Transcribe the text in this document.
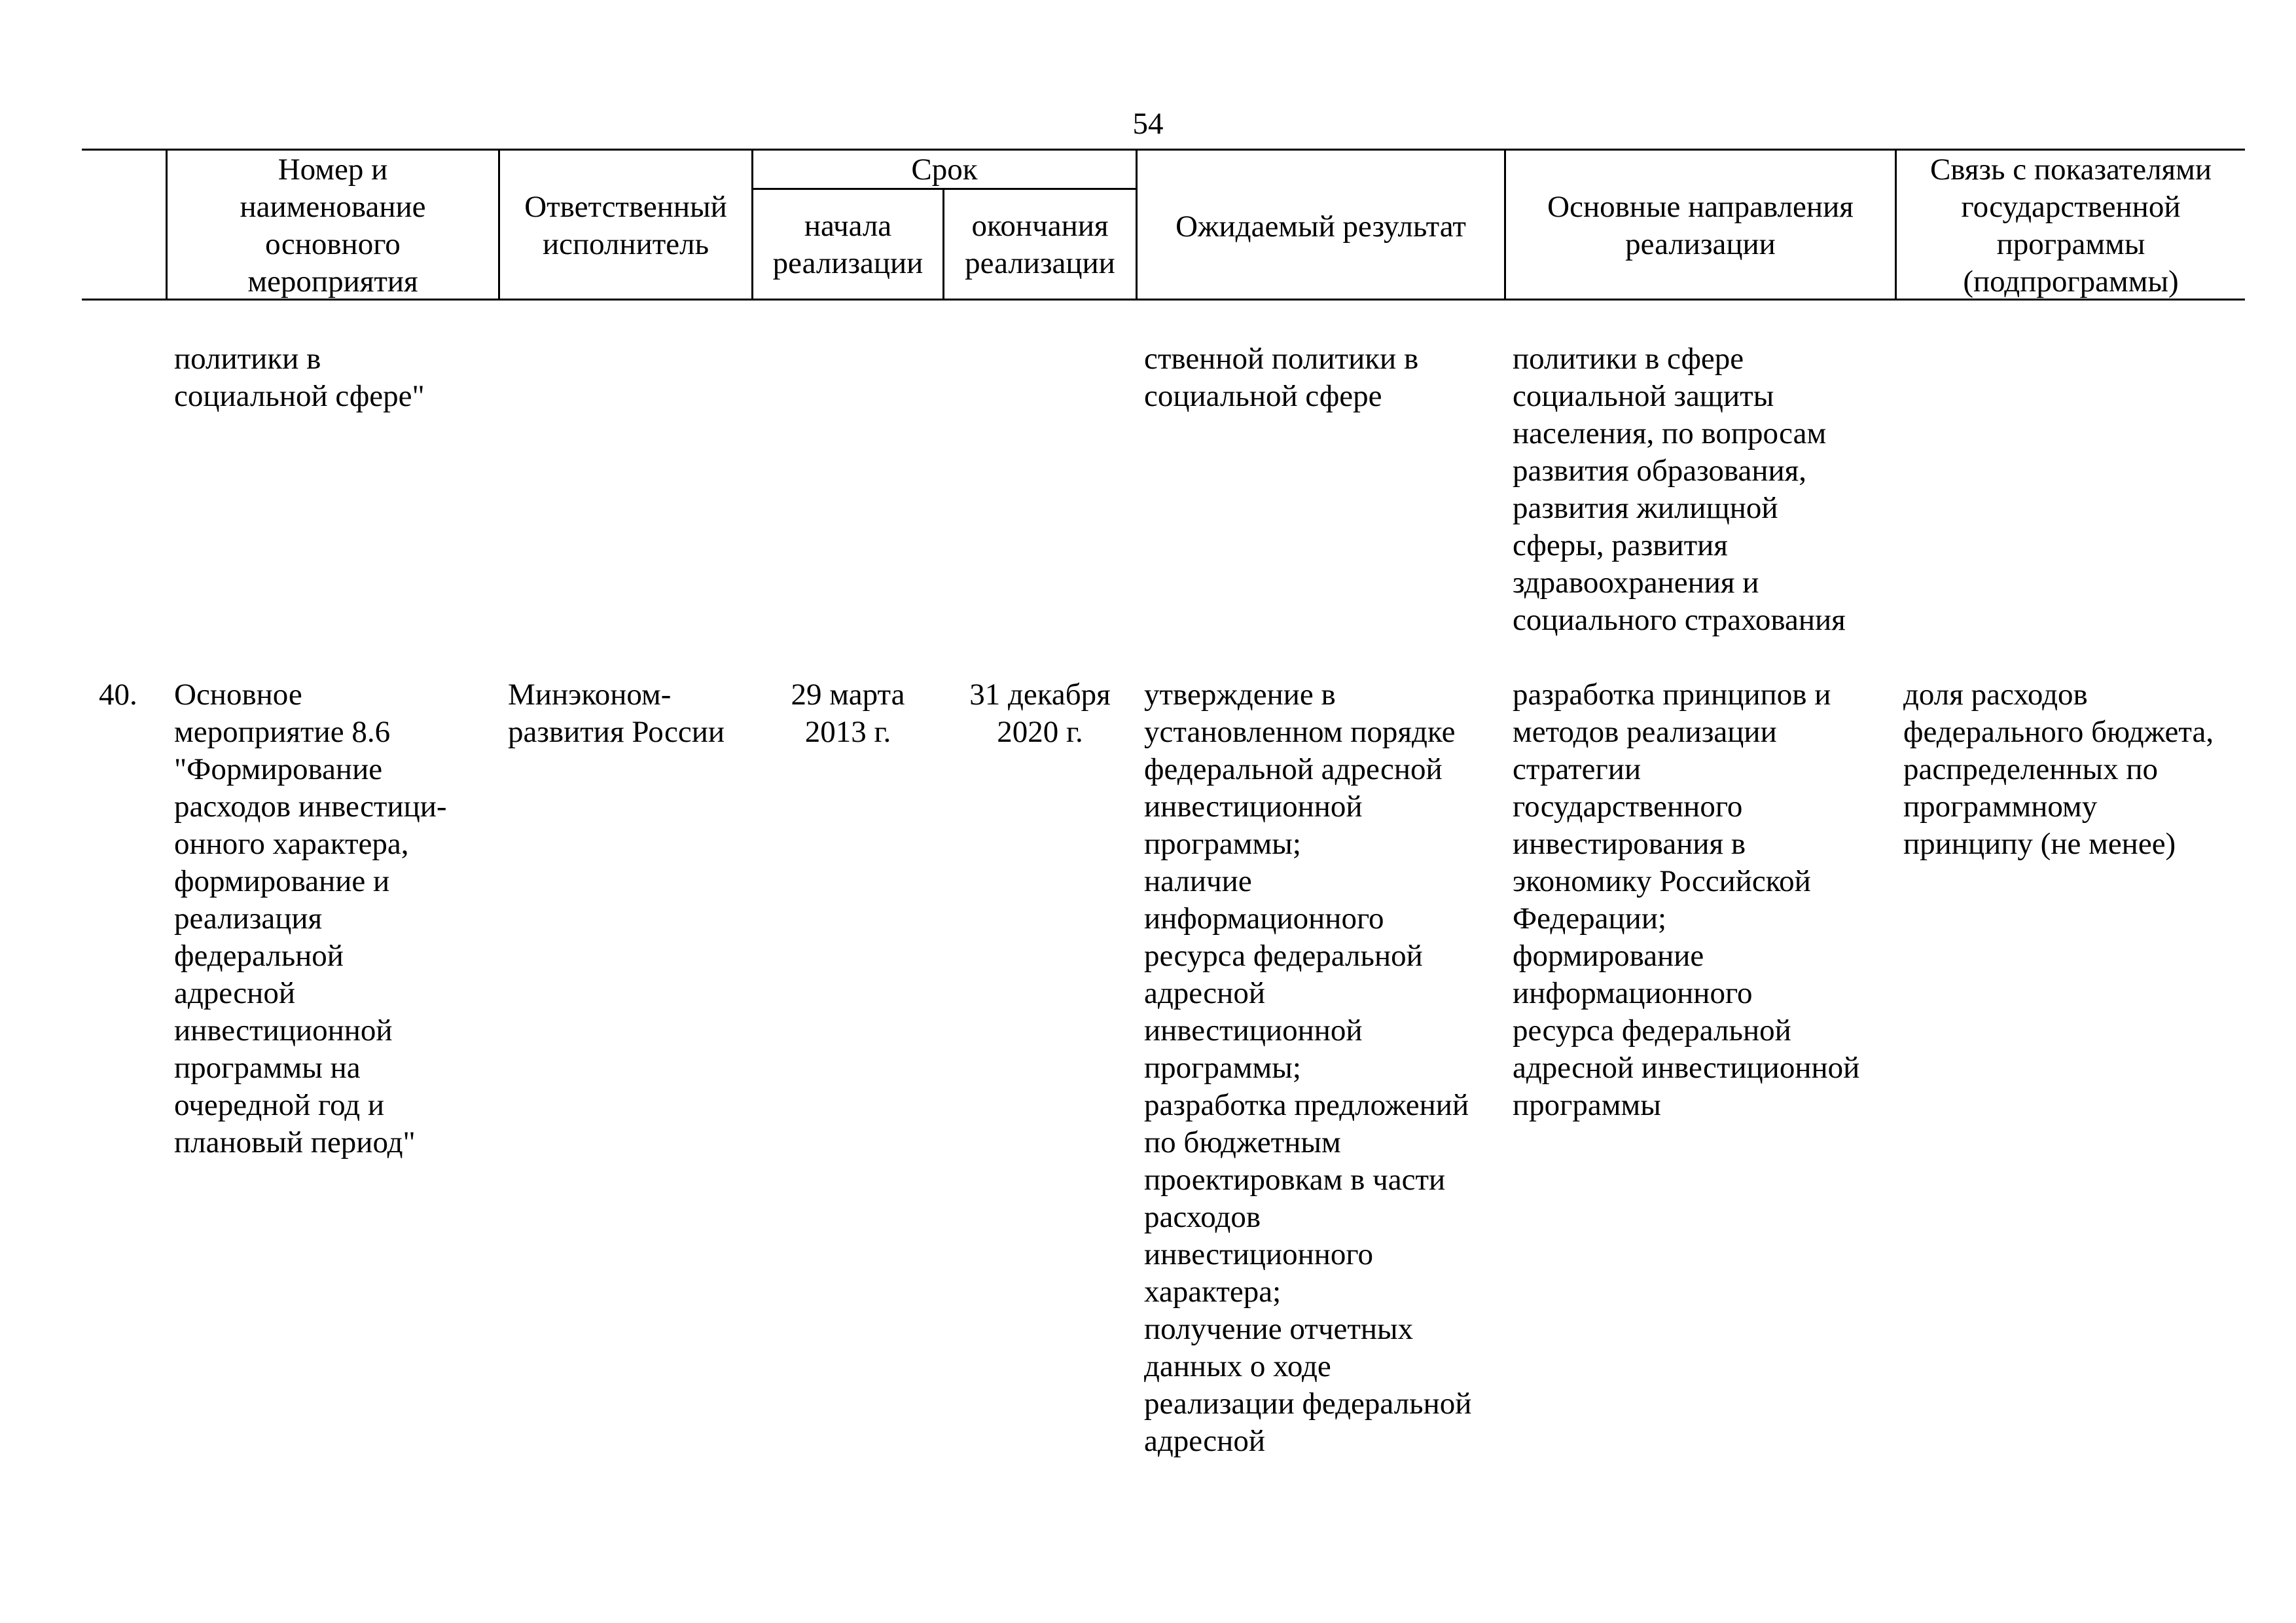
54
Номер и
наименование
основного
мероприятия
Ответственный
исполнитель
Срок
начала
реализации
окончания
реализации
Ожидаемый результат
Основные направления
реализации
Связь с показателями
государственной
программы
(подпрограммы)
политики в
социальной сфере"
ственной политики в
социальной сфере
политики в сфере
социальной защиты
населения, по вопросам
развития образования,
развития жилищной
сферы, развития
здравоохранения и
социального страхования
40.	Основное
мероприятие 8.6
"Формирование
расходов инвестици-
онного характера,
формирование и
реализация
федеральной
адресной
инвестиционной
программы на
очередной год и
плановый период"
Минэконом-
развития России
29 марта
2013 г.
31 декабря
2020 г.
утверждение в
установленном порядке
федеральной адресной
инвестиционной
программы;
наличие
информационного
ресурса федеральной
адресной
инвестиционной
программы;
разработка предложений
по бюджетным
проектировкам в части
расходов
инвестиционного
характера;
получение отчетных
данных о ходе
реализации федеральной
адресной
разработка принципов и
методов реализации
стратегии
государственного
инвестирования в
экономику Российской
Федерации;
формирование
информационного
ресурса федеральной
адресной инвестиционной
программы
доля расходов
федерального бюджета,
распределенных по
программному
принципу (не менее)
